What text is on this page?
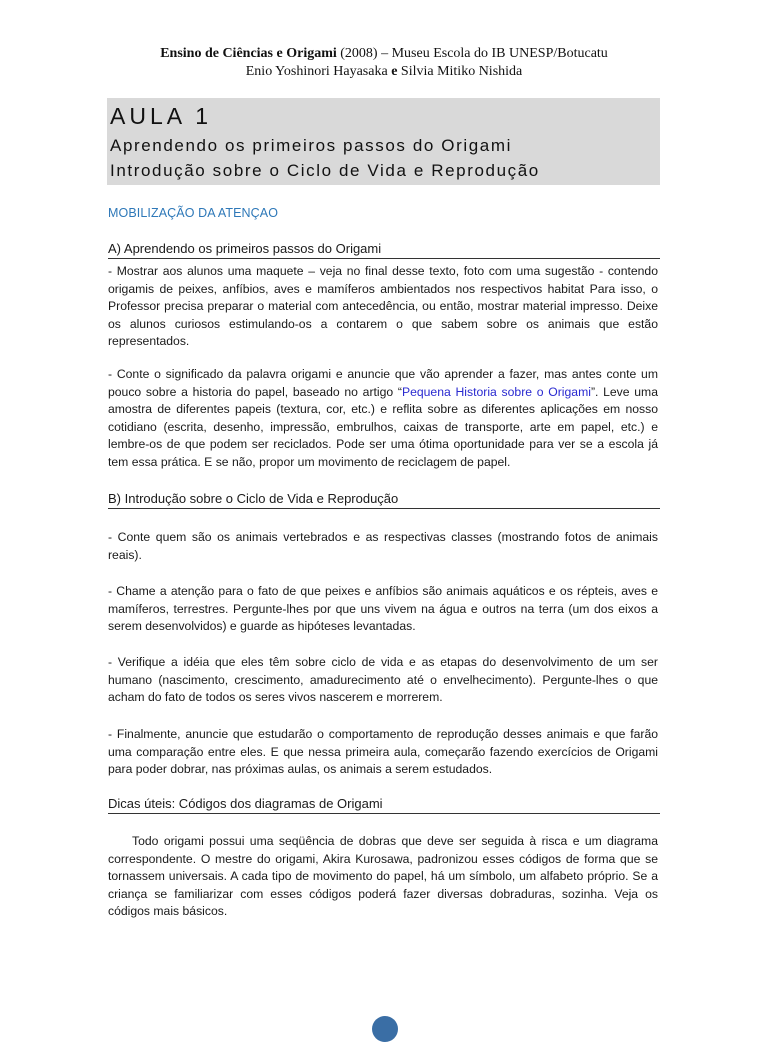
Ensino de Ciências e Origami (2008) – Museu Escola do IB UNESP/Botucatu
Enio Yoshinori Hayasaka e Silvia Mitiko Nishida
AULA 1
Aprendendo os primeiros passos do Origami
Introdução sobre o Ciclo de Vida e Reprodução
MOBILIZAÇÃO DA ATENÇAO
A) Aprendendo os primeiros passos do Origami

- Mostrar aos alunos uma maquete – veja no final desse texto, foto com uma sugestão - contendo origamis de peixes, anfíbios, aves e mamíferos ambientados nos respectivos habitat Para isso, o Professor precisa preparar o material com antecedência, ou então, mostrar material impresso. Deixe os alunos curiosos estimulando-os a contarem o que sabem sobre os animais que estão representados.

- Conte o significado da palavra origami e anuncie que vão aprender a fazer, mas antes conte um pouco sobre a historia do papel, baseado no artigo “Pequena Historia sobre o Origami”. Leve uma amostra de diferentes papeis (textura, cor, etc.) e reflita sobre as diferentes aplicações em nosso cotidiano (escrita, desenho, impressão, embrulhos, caixas de transporte, arte em papel, etc.) e lembre-os de que podem ser reciclados. Pode ser uma ótima oportunidade para ver se a escola já tem essa prática. E se não, propor um movimento de reciclagem de papel.

B) Introdução sobre o Ciclo de Vida e Reprodução

- Conte quem são os animais vertebrados e as respectivas classes (mostrando fotos de animais reais).

- Chame a atenção para o fato de que peixes e anfíbios são animais aquáticos e os répteis, aves e mamíferos, terrestres. Pergunte-lhes por que uns vivem na água e outros na terra (um dos eixos a serem desenvolvidos) e guarde as hipóteses levantadas.

- Verifique a idéia que eles têm sobre ciclo de vida e as etapas do desenvolvimento de um ser humano (nascimento, crescimento, amadurecimento até o envelhecimento). Pergunte-lhes o que acham do fato de todos os seres vivos nascerem e morrerem.

- Finalmente, anuncie que estudarão o comportamento de reprodução desses animais e que farão uma comparação entre eles. E que nessa primeira aula, começarão fazendo exercícios de Origami para poder dobrar, nas próximas aulas, os animais a serem estudados.

Dicas úteis: Códigos dos diagramas de Origami

Todo origami possui uma seqüência de dobras que deve ser seguida à risca e um diagrama correspondente. O mestre do origami, Akira Kurosawa, padronizou esses códigos de forma que se tornassem universais. A cada tipo de movimento do papel, há um símbolo, um alfabeto próprio. Se a criança se familiarizar com esses códigos poderá fazer diversas dobraduras, sozinha. Veja os códigos mais básicos.
